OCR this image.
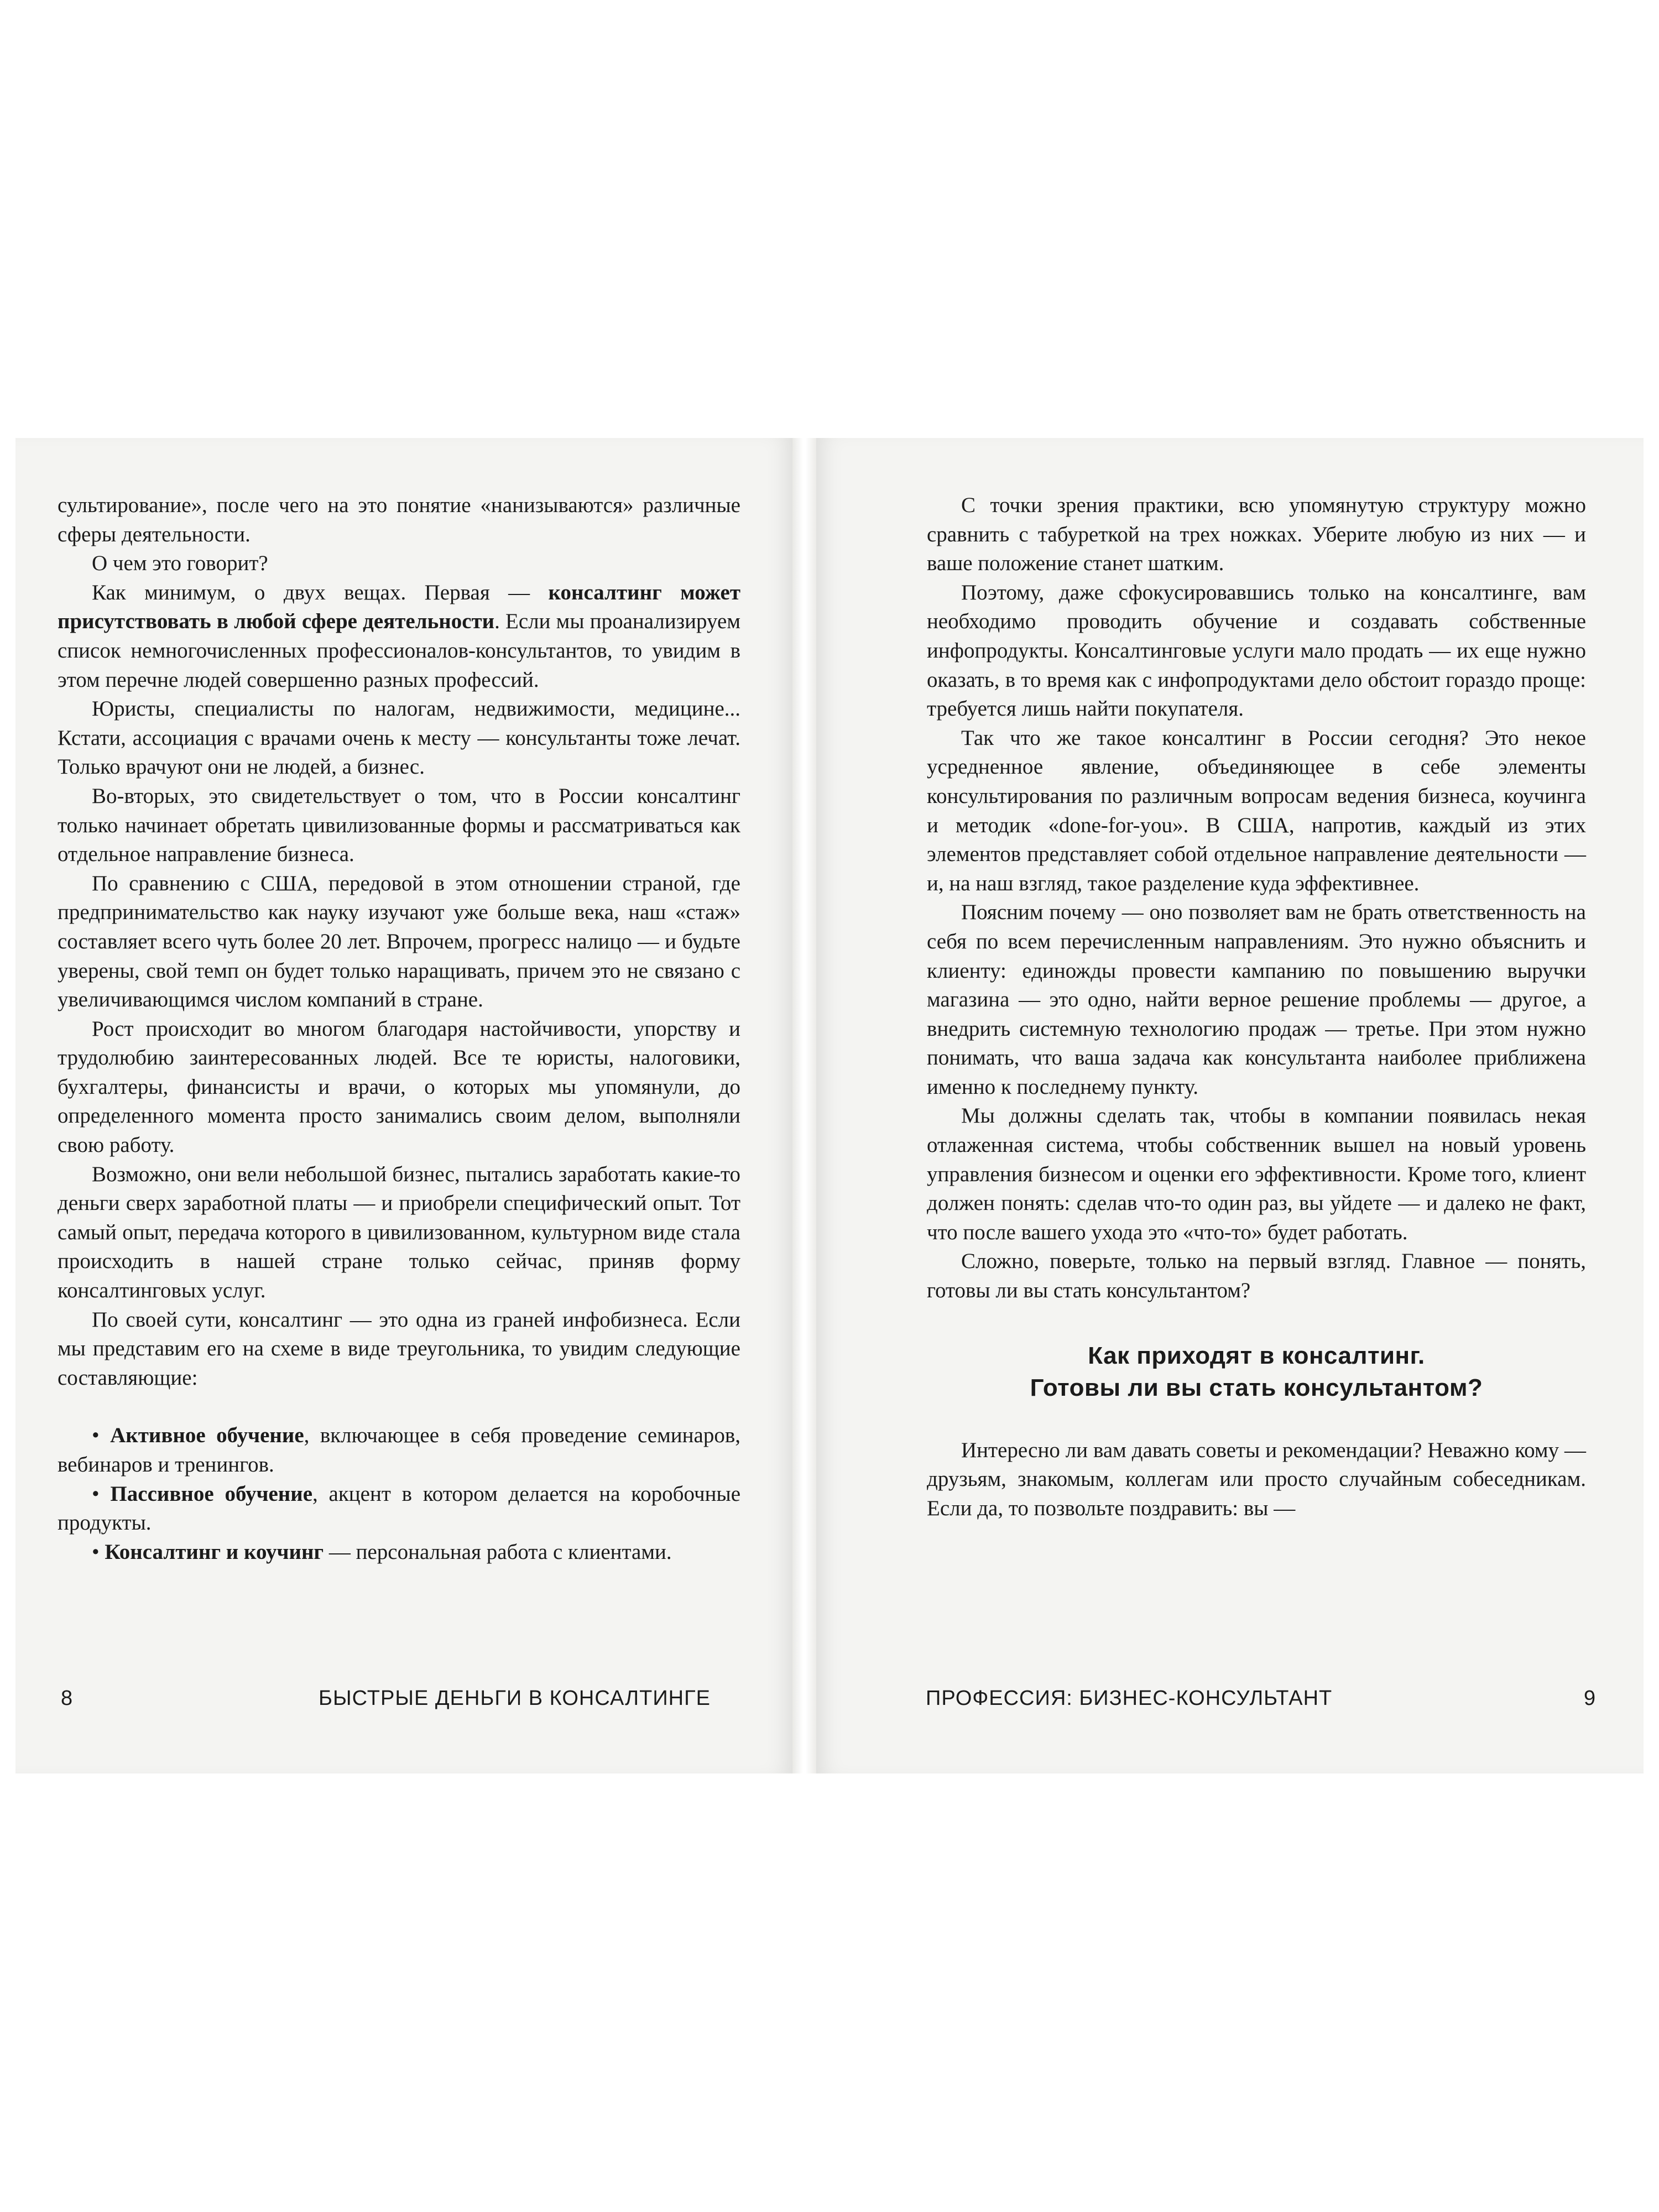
сультирование», после чего на это понятие «нанизываются» различные сферы деятельности.

О чем это говорит?

Как минимум, о двух вещах. Первая — консалтинг может присутствовать в любой сфере деятельности. Если мы проанализируем список немногочисленных профессионалов-консультантов, то увидим в этом перечне людей совершенно разных профессий.

Юристы, специалисты по налогам, недвижимости, медицине... Кстати, ассоциация с врачами очень к месту — консультанты тоже лечат. Только врачуют они не людей, а бизнес.

Во-вторых, это свидетельствует о том, что в России консалтинг только начинает обретать цивилизованные формы и рассматриваться как отдельное направление бизнеса.

По сравнению с США, передовой в этом отношении страной, где предпринимательство как науку изучают уже больше века, наш «стаж» составляет всего чуть более 20 лет. Впрочем, прогресс налицо — и будьте уверены, свой темп он будет только наращивать, причем это не связано с увеличивающимся числом компаний в стране.

Рост происходит во многом благодаря настойчивости, упорству и трудолюбию заинтересованных людей. Все те юристы, налоговики, бухгалтеры, финансисты и врачи, о которых мы упомянули, до определенного момента просто занимались своим делом, выполняли свою работу.

Возможно, они вели небольшой бизнес, пытались заработать какие-то деньги сверх заработной платы — и приобрели специфический опыт. Тот самый опыт, передача которого в цивилизованном, культурном виде стала происходить в нашей стране только сейчас, приняв форму консалтинговых услуг.

По своей сути, консалтинг — это одна из граней инфобизнеса. Если мы представим его на схеме в виде треугольника, то увидим следующие составляющие:

• Активное обучение, включающее в себя проведение семинаров, вебинаров и тренингов.

• Пассивное обучение, акцент в котором делается на коробочные продукты.

• Консалтинг и коучинг — персональная работа с клиентами.

8	БЫСТРЫЕ ДЕНЬГИ В КОНСАЛТИНГЕ

С точки зрения практики, всю упомянутую структуру можно сравнить с табуреткой на трех ножках. Уберите любую из них — и ваше положение станет шатким.

Поэтому, даже сфокусировавшись только на консалтинге, вам необходимо проводить обучение и создавать собственные инфопродукты. Консалтинговые услуги мало продать — их еще нужно оказать, в то время как с инфопродуктами дело обстоит гораздо проще: требуется лишь найти покупателя.

Так что же такое консалтинг в России сегодня? Это некое усредненное явление, объединяющее в себе элементы консультирования по различным вопросам ведения бизнеса, коучинга и методик «done-for-you». В США, напротив, каждый из этих элементов представляет собой отдельное направление деятельности — и, на наш взгляд, такое разделение куда эффективнее.

Поясним почему — оно позволяет вам не брать ответственность на себя по всем перечисленным направлениям. Это нужно объяснить и клиенту: единожды провести кампанию по повышению выручки магазина — это одно, найти верное решение проблемы — другое, а внедрить системную технологию продаж — третье. При этом нужно понимать, что ваша задача как консультанта наиболее приближена именно к последнему пункту.

Мы должны сделать так, чтобы в компании появилась некая отлаженная система, чтобы собственник вышел на новый уровень управления бизнесом и оценки его эффективности. Кроме того, клиент должен понять: сделав что-то один раз, вы уйдете — и далеко не факт, что после вашего ухода это «что-то» будет работать.

Сложно, поверьте, только на первый взгляд. Главное — понять, готовы ли вы стать консультантом?

Как приходят в консалтинг.
Готовы ли вы стать консультантом?

Интересно ли вам давать советы и рекомендации? Неважно кому — друзьям, знакомым, коллегам или просто случайным собеседникам. Если да, то позвольте поздравить: вы —

ПРОФЕССИЯ: БИЗНЕС-КОНСУЛЬТАНТ	9
